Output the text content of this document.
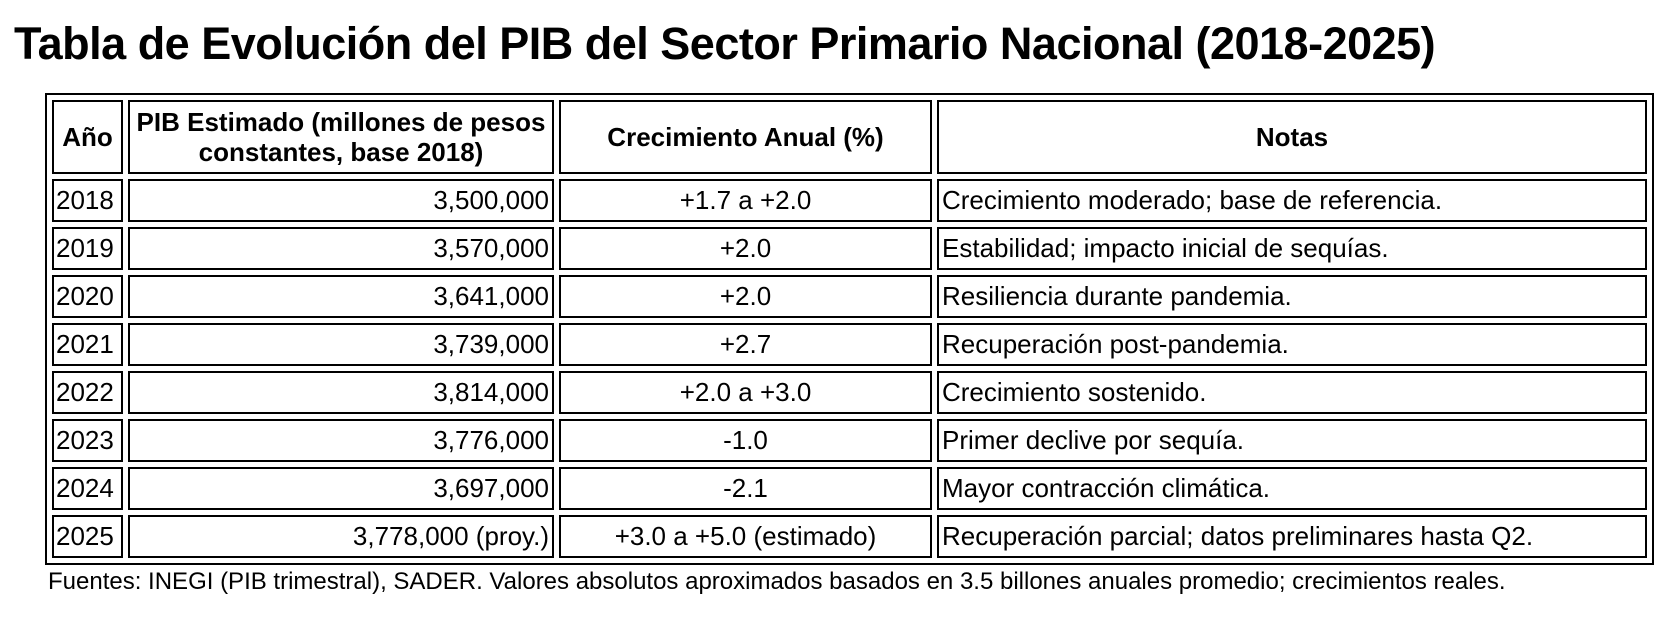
Tabla de Evolución del PIB del Sector Primario Nacional (2018-2025)
Año	PIB Estimado (millones de pesos constantes, base 2018)	Crecimiento Anual (%)	Notas
2018	3,500,000	+1.7 a +2.0	Crecimiento moderado; base de referencia.
2019	3,570,000	+2.0	Estabilidad; impacto inicial de sequías.
2020	3,641,000	+2.0	Resiliencia durante pandemia.
2021	3,739,000	+2.7	Recuperación post-pandemia.
2022	3,814,000	+2.0 a +3.0	Crecimiento sostenido.
2023	3,776,000	-1.0	Primer declive por sequía.
2024	3,697,000	-2.1	Mayor contracción climática.
2025	3,778,000 (proy.)	+3.0 a +5.0 (estimado)	Recuperación parcial; datos preliminares hasta Q2.

Fuentes: INEGI (PIB trimestral), SADER. Valores absolutos aproximados basados en 3.5 billones anuales promedio; crecimientos reales.
